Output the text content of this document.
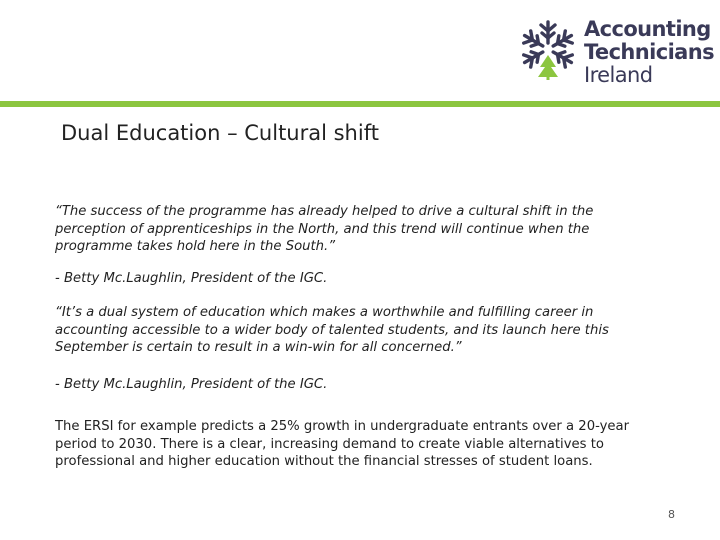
Accounting
Technicians
Ireland
Dual Education – Cultural shift

“The success of the programme has already helped to drive a cultural shift in the perception of apprenticeships in the North, and this trend will continue when the programme takes hold here in the South.”

- Betty Mc.Laughlin, President of the IGC.

“It’s a dual system of education which makes a worthwhile and fulfilling career in accounting accessible to a wider body of talented students, and its launch here this September is certain to result in a win-win for all concerned.”

- Betty Mc.Laughlin, President of the IGC.

The ERSI for example predicts a 25% growth in undergraduate entrants over a 20-year period to 2030. There is a clear, increasing demand to create viable alternatives to professional and higher education without the financial stresses of student loans.

8
